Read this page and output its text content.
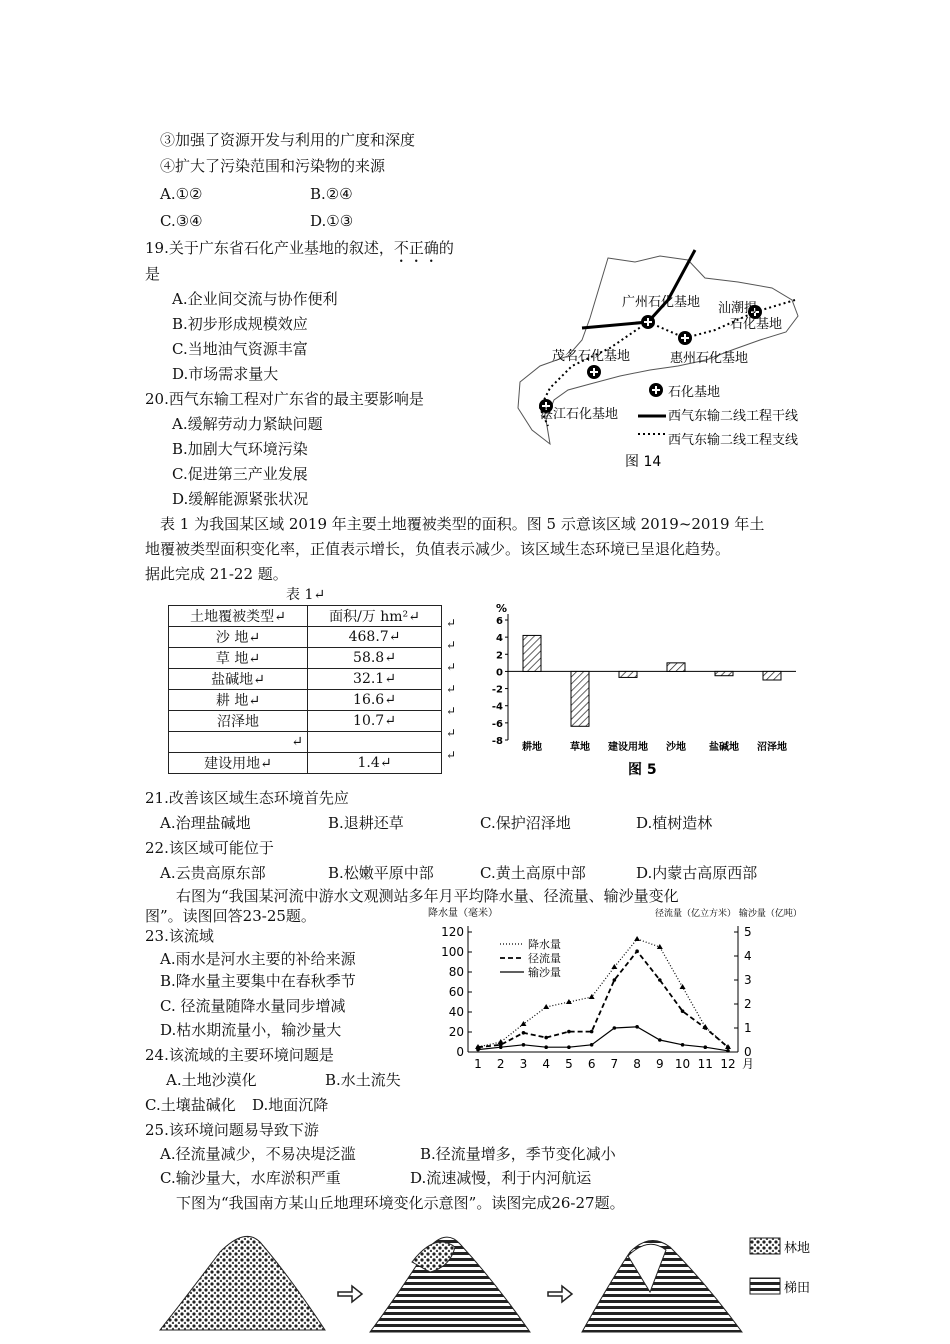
③加强了资源开发与利用的广度和深度
④扩大了污染范围和污染物的来源
A.①②	B.②④
C.③④	D.①③
19.关于广东省石化产业基地的叙述，不正确的
是
A.企业间交流与协作便利
B.初步形成规模效应
C.当地油气资源丰富
D.市场需求量大
20.西气东输工程对广东省的最主要影响是
A.缓解劳动力紧缺问题
B.加剧大气环境污染
C.促进第三产业发展
D.缓解能源紧张状况
广州石化基地 汕潮揭
石化基地
茂名石化基地	惠州石化基地
湛江石化基地
石化基地
西气东输二线工程干线
西气东输二线工程支线
图 14
表 1 为我国某区域 2019 年主要土地覆被类型的面积。图 5 示意该区域 2019~2019 年土
地覆被类型面积变化率，正值表示增长，负值表示减少。该区域生态环境已呈退化趋势。
据此完成 21-22 题。
表 1↵
土地覆被类型↵	面积/万 hm²↵
沙 地↵	468.7↵
草 地↵	58.8↵
盐碱地↵	32.1↵
耕 地↵	16.6↵
沼泽地	10.7↵
↵	
建设用地↵	1.4↵
↵
↵
↵
↵
↵
↵
↵
%
6
4
2
0
-2
-4
-6
-8
耕地	草地 建设用地 沙地 盐碱地 沼泽地
图 5
21.改善该区域生态环境首先应
A.治理盐碱地	B.退耕还草	C.保护沼泽地	D.植树造林
22.该区域可能位于
A.云贵高原东部	B.松嫩平原中部	C.黄土高原中部	D.内蒙古高原西部
右图为“我国某河流中游水文观测站多年月平均降水量、径流量、输沙量变化
图”。读图回答23-25题。	降水量（毫米）	径流量（亿立方米） 输沙量（亿吨）
0
20
40
60
80
100
120
0
1
2
3
4
5
1 2 3 4 5 6 7 8 9 10 11 12 月
降水量
径流量
输沙量
23.该流域
A.雨水是河水主要的补给来源
B.降水量主要集中在春秋季节
C. 径流量随降水量同步增减
D.枯水期流量小，输沙量大
24.该流域的主要环境问题是
A.土地沙漠化	B.水土流失
C.土壤盐碱化 D.地面沉降
25.该环境问题易导致下游
A.径流量减少，不易决堤泛滥	B.径流量增多，季节变化减小
C.输沙量大，水库淤积严重	D.流速减慢，利于内河航运
下图为“我国南方某山丘地理环境变化示意图”。读图完成26-27题。
林地
梯田
